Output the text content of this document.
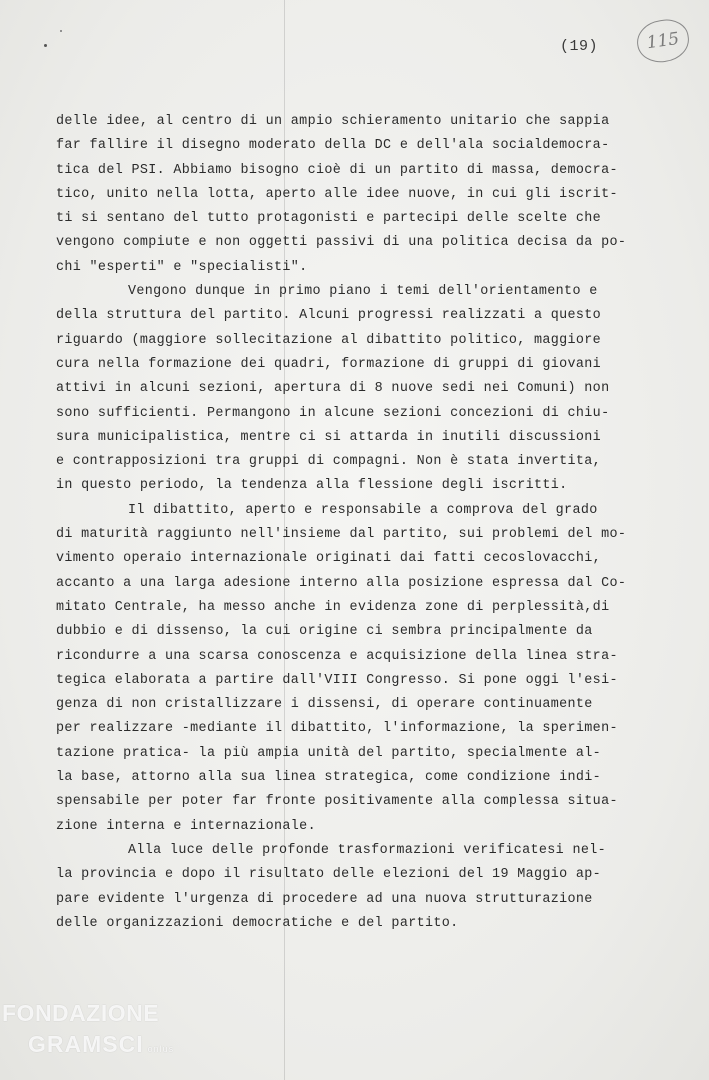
(19)	115
delle idee, al centro di un ampio schieramento unitario che sappia
far fallire il disegno moderato della DC e dell'ala socialdemocra-
tica del PSI. Abbiamo bisogno cioè di un partito di massa, democra-
tico, unito nella lotta, aperto alle idee nuove, in cui gli iscrit-
ti si sentano del tutto protagonisti e partecipi delle scelte che
vengono compiute e non oggetti passivi di una politica decisa da po-
chi "esperti" e "specialisti".
Vengono dunque in primo piano i temi dell'orientamento e
della struttura del partito. Alcuni progressi realizzati a questo
riguardo (maggiore sollecitazione al dibattito politico, maggiore
cura nella formazione dei quadri, formazione di gruppi di giovani
attivi in alcuni sezioni, apertura di 8 nuove sedi nei Comuni) non
sono sufficienti. Permangono in alcune sezioni concezioni di chiu-
sura municipalistica, mentre ci si attarda in inutili discussioni
e contrapposizioni tra gruppi di compagni. Non è stata invertita,
in questo periodo, la tendenza alla flessione degli iscritti.
Il dibattito, aperto e responsabile a comprova del grado
di maturità raggiunto nell'insieme dal partito, sui problemi del mo-
vimento operaio internazionale originati dai fatti cecoslovacchi,
accanto a una larga adesione interno alla posizione espressa dal Co-
mitato Centrale, ha messo anche in evidenza zone di perplessità,di
dubbio e di dissenso, la cui origine ci sembra principalmente da
ricondurre a una scarsa conoscenza e acquisizione della linea stra-
tegica elaborata a partire dall'VIII Congresso. Si pone oggi l'esi-
genza di non cristallizzare i dissensi, di operare continuamente
per realizzare -mediante il dibattito, l'informazione, la sperimen-
tazione pratica- la più ampia unità del partito, specialmente al-
la base, attorno alla sua linea strategica, come condizione indi-
spensabile per poter far fronte positivamente alla complessa situa-
zione interna e internazionale.
Alla luce delle profonde trasformazioni verificatesi nel-
la provincia e dopo il risultato delle elezioni del 19 Maggio ap-
pare evidente l'urgenza di procedere ad una nuova strutturazione
delle organizzazioni democratiche e del partito.
FONDAZIONE
GRAMSCI onlus
